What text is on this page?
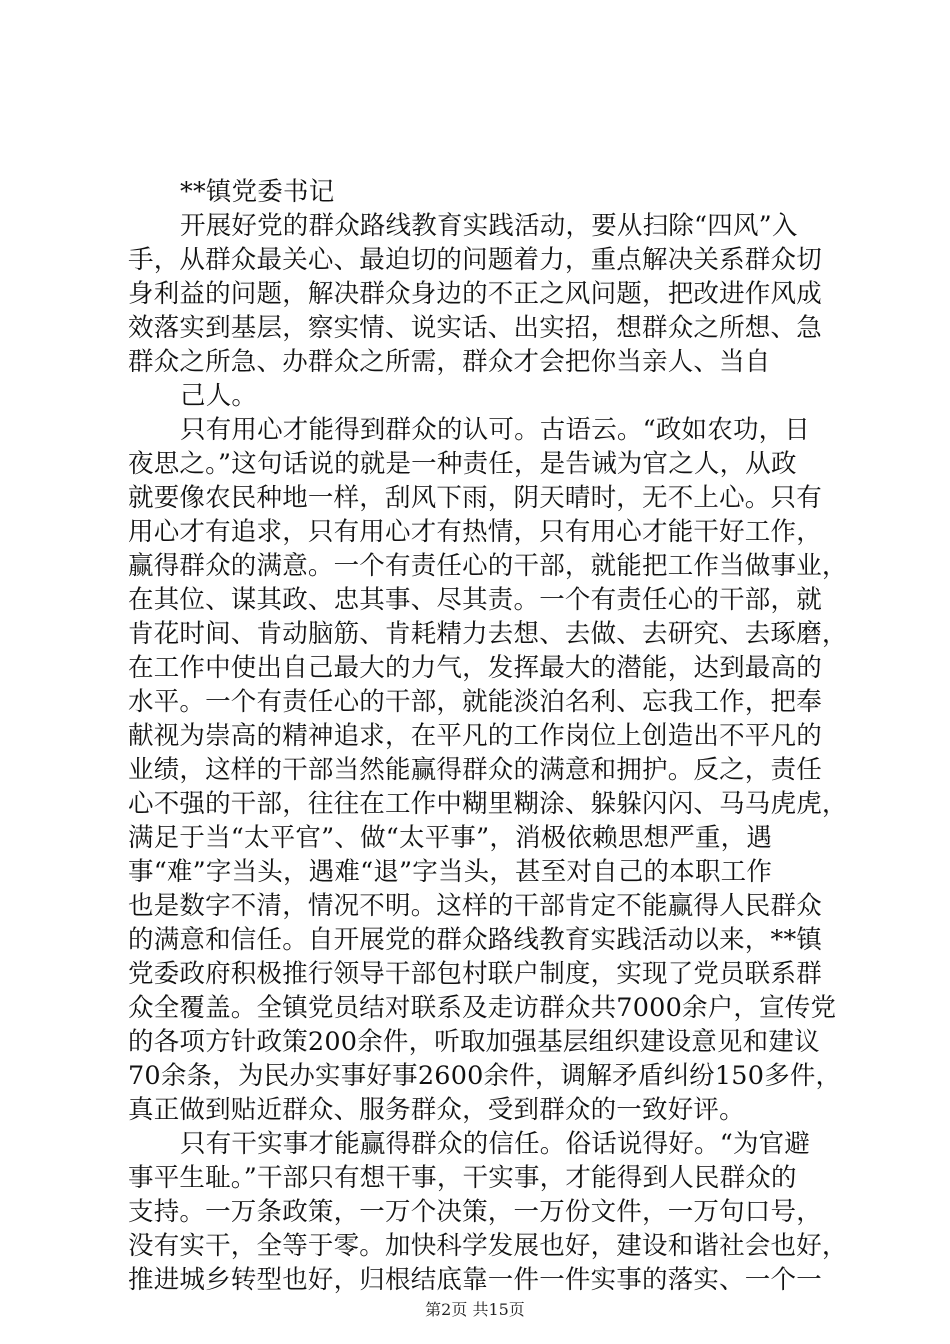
**镇党委书记
开展好党的群众路线教育实践活动，要从扫除“四风”入
手，从群众最关心、最迫切的问题着力，重点解决关系群众切
身利益的问题，解决群众身边的不正之风问题，把改进作风成
效落实到基层，察实情、说实话、出实招，想群众之所想、急
群众之所急、办群众之所需，群众才会把你当亲人、当自
己人。
只有用心才能得到群众的认可。古语云。“政如农功，日
夜思之。”这句话说的就是一种责任，是告诫为官之人，从政
就要像农民种地一样，刮风下雨，阴天晴时，无不上心。只有
用心才有追求，只有用心才有热情，只有用心才能干好工作，
赢得群众的满意。一个有责任心的干部，就能把工作当做事业，
在其位、谋其政、忠其事、尽其责。一个有责任心的干部，就
肯花时间、肯动脑筋、肯耗精力去想、去做、去研究、去琢磨，
在工作中使出自己最大的力气，发挥最大的潜能，达到最高的
水平。一个有责任心的干部，就能淡泊名利、忘我工作，把奉
献视为崇高的精神追求，在平凡的工作岗位上创造出不平凡的
业绩，这样的干部当然能赢得群众的满意和拥护。反之，责任
心不强的干部，往往在工作中糊里糊涂、躲躲闪闪、马马虎虎，
满足于当“太平官”、做“太平事”，消极依赖思想严重，遇
事“难”字当头，遇难“退”字当头，甚至对自己的本职工作
也是数字不清，情况不明。这样的干部肯定不能赢得人民群众
的满意和信任。自开展党的群众路线教育实践活动以来，**镇
党委政府积极推行领导干部包村联户制度，实现了党员联系群
众全覆盖。全镇党员结对联系及走访群众共7000余户，宣传党
的各项方针政策200余件，听取加强基层组织建设意见和建议
70余条，为民办实事好事2600余件，调解矛盾纠纷150多件，
真正做到贴近群众、服务群众，受到群众的一致好评。
只有干实事才能赢得群众的信任。俗话说得好。“为官避
事平生耻。”干部只有想干事，干实事，才能得到人民群众的
支持。一万条政策，一万个决策，一万份文件，一万句口号，
没有实干，全等于零。加快科学发展也好，建设和谐社会也好，
推进城乡转型也好，归根结底靠一件一件实事的落实、一个一
第2页 共15页
